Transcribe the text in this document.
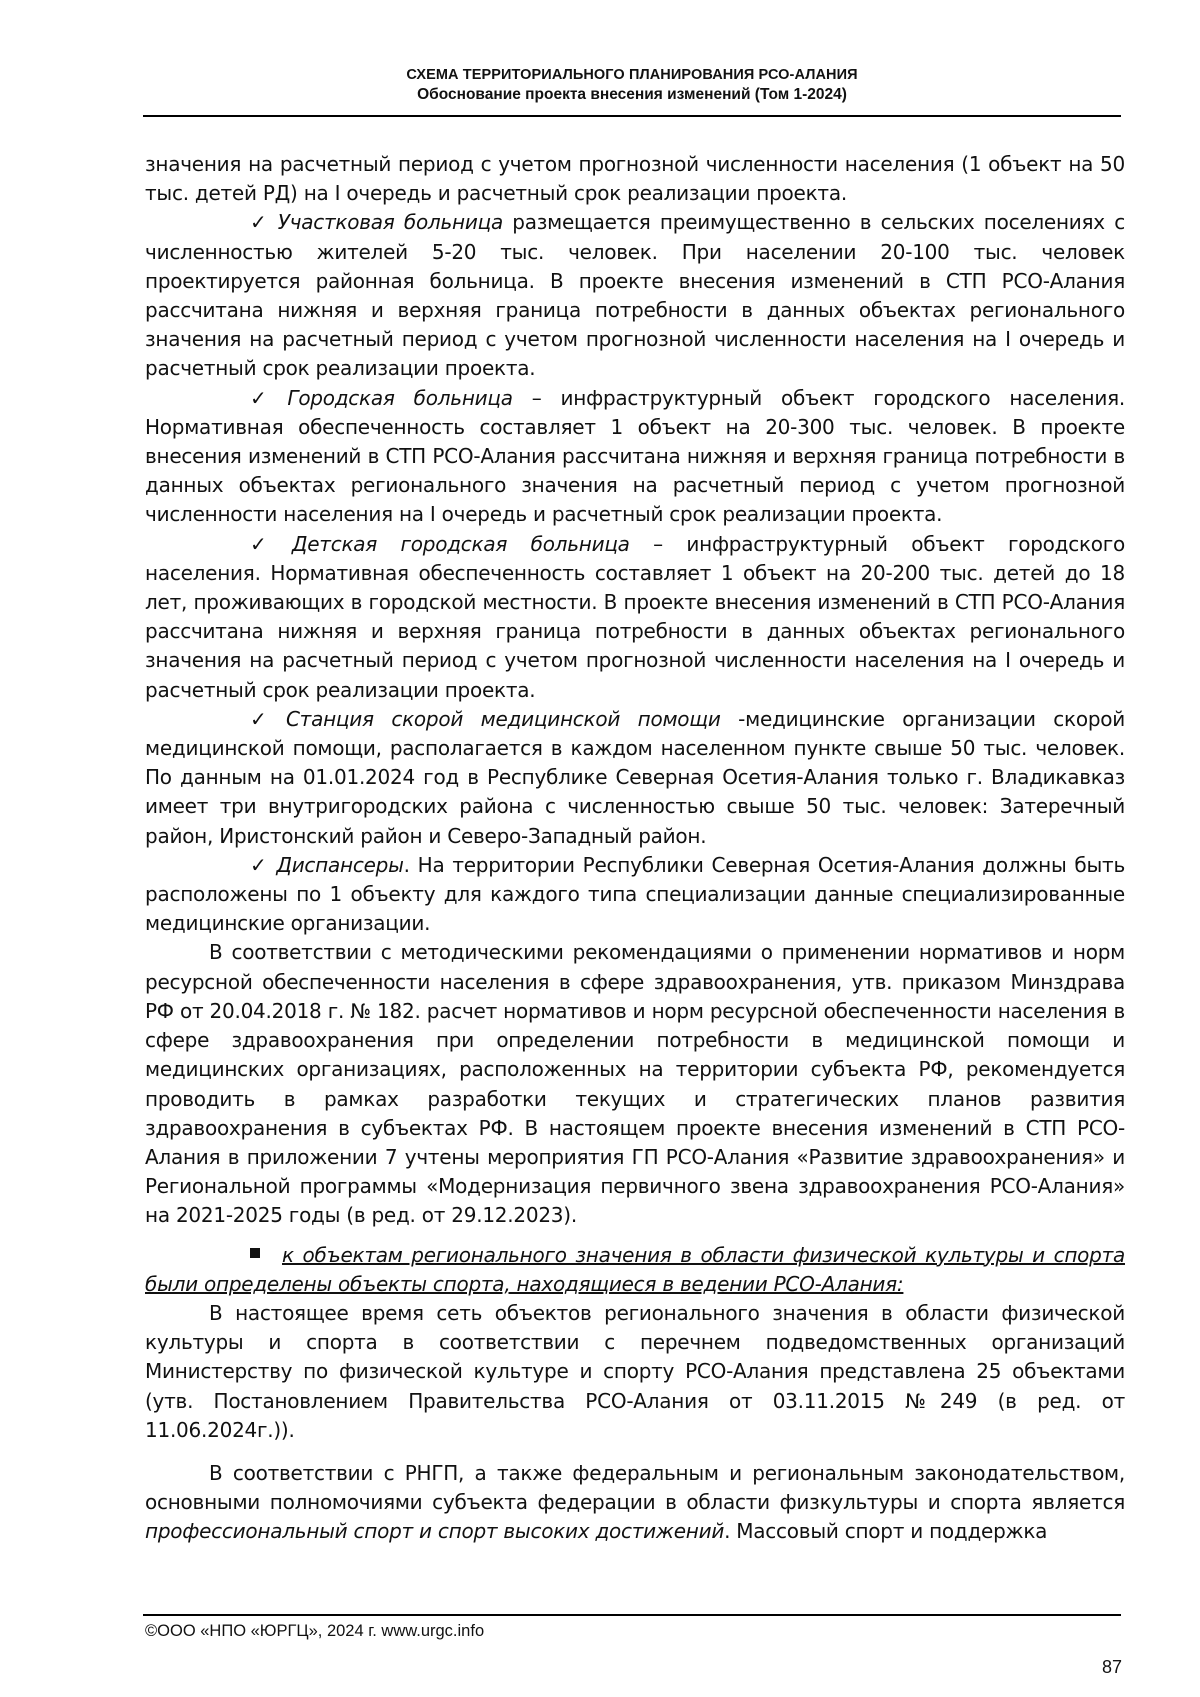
СХЕМА ТЕРРИТОРИАЛЬНОГО ПЛАНИРОВАНИЯ РСО-АЛАНИЯ
Обоснование проекта внесения изменений (Том 1-2024)

значения на расчетный период с учетом прогнозной численности населения (1 объект на 50 тыс. детей РД) на I очередь и расчетный срок реализации проекта.

✓ Участковая больница размещается преимущественно в сельских поселениях с численностью жителей 5-20 тыс. человек. При населении 20-100 тыс. человек проектируется районная больница. В проекте внесения изменений в СТП РСО-Алания рассчитана нижняя и верхняя граница потребности в данных объектах регионального значения на расчетный период с учетом прогнозной численности населения на I очередь и расчетный срок реализации проекта.

✓ Городская больница – инфраструктурный объект городского населения. Нормативная обеспеченность составляет 1 объект на 20-300 тыс. человек. В проекте внесения изменений в СТП РСО-Алания рассчитана нижняя и верхняя граница потребности в данных объектах регионального значения на расчетный период с учетом прогнозной численности населения на I очередь и расчетный срок реализации проекта.

✓ Детская городская больница – инфраструктурный объект городского населения. Нормативная обеспеченность составляет 1 объект на 20-200 тыс. детей до 18 лет, проживающих в городской местности. В проекте внесения изменений в СТП РСО-Алания рассчитана нижняя и верхняя граница потребности в данных объектах регионального значения на расчетный период с учетом прогнозной численности населения на I очередь и расчетный срок реализации проекта.

✓ Станция скорой медицинской помощи -медицинские организации скорой медицинской помощи, располагается в каждом населенном пункте свыше 50 тыс. человек. По данным на 01.01.2024 год в Республике Северная Осетия-Алания только г. Владикавказ имеет три внутригородских района с численностью свыше 50 тыс. человек: Затеречный район, Иристонский район и Северо-Западный район.

✓ Диспансеры. На территории Республики Северная Осетия-Алания должны быть расположены по 1 объекту для каждого типа специализации данные специализированные медицинские организации.

В соответствии с методическими рекомендациями о применении нормативов и норм ресурсной обеспеченности населения в сфере здравоохранения, утв. приказом Минздрава РФ от 20.04.2018 г. № 182. расчет нормативов и норм ресурсной обеспеченности населения в сфере здравоохранения при определении потребности в медицинской помощи и медицинских организациях, расположенных на территории субъекта РФ, рекомендуется проводить в рамках разработки текущих и стратегических планов развития здравоохранения в субъектах РФ. В настоящем проекте внесения изменений в СТП РСО-Алания в приложении 7 учтены мероприятия ГП РСО-Алания «Развитие здравоохранения» и Региональной программы «Модернизация первичного звена здравоохранения РСО-Алания» на 2021-2025 годы (в ред. от 29.12.2023).

к объектам регионального значения в области физической культуры и спорта были определены объекты спорта, находящиеся в ведении РСО-Алания:

В настоящее время сеть объектов регионального значения в области физической культуры и спорта в соответствии с перечнем подведомственных организаций Министерству по физической культуре и спорту РСО-Алания представлена 25 объектами (утв. Постановлением Правительства РСО-Алания от 03.11.2015 №249 (в ред. от 11.06.2024г.)).

В соответствии с РНГП, а также федеральным и региональным законодательством, основными полномочиями субъекта федерации в области физкультуры и спорта является профессиональный спорт и спорт высоких достижений. Массовый спорт и поддержка

©ООО «НПО «ЮРГЦ», 2024 г. www.urgc.info
87
